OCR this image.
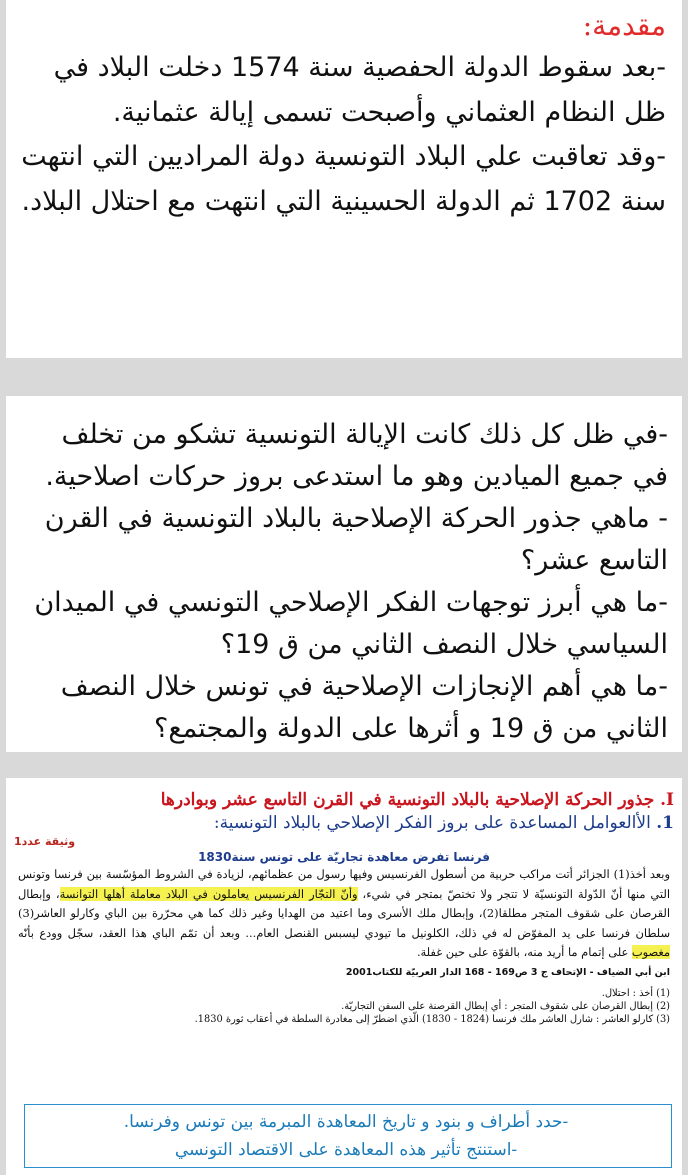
مقدمة:

-بعد سقوط الدولة الحفصية سنة 1574 دخلت البلاد في ظل النظام العثماني وأصبحت تسمى إيالة عثمانية.

-وقد تعاقبت علي البلاد التونسية دولة المراديين التي انتهت سنة 1702 ثم الدولة الحسينية التي انتهت مع احتلال البلاد.

-في ظل كل ذلك كانت الإيالة التونسية تشكو من تخلف في جميع الميادين وهو ما استدعى بروز حركات اصلاحية.

- ماهي جذور الحركة الإصلاحية بالبلاد التونسية في القرن التاسع عشر؟

-ما هي أبرز توجهات الفكر الإصلاحي التونسي في الميدان السياسي خلال النصف الثاني من ق 19؟

-ما هي أهم الإنجازات الإصلاحية في تونس خلال النصف الثاني من ق 19 و أثرها على الدولة والمجتمع؟

I. جذور الحركة الإصلاحية بالبلاد التونسية في القرن التاسع عشر وبوادرها
1. الأالعوامل المساعدة على بروز الفكر الإصلاحي بالبلاد التونسية:
وثيقة عدد1
فرنسا تفرض معاهدة تجاريّة على تونس سنة1830

وبعد أخذ(1) الجزائر أتت مراكب حربية من أسطول الفرنسيس وفيها رسول من عظمائهم، لزيادة في الشروط المؤسّسة بين فرنسا وتونس التي منها أنّ الدّولة التونسيّة لا تتجر ولا تختصّ بمتجر في شيء، وأنّ التجّار الفرنسيس يعاملون في البلاد معاملة أهلها التوانسة، وإبطال القرصان على شقوف المتجر مطلقا(2)، وإبطال ملك الأسرى وما اعتيد من الهدايا وغير ذلك كما هي محرّرة بين الباي وكارلو العاشر(3) سلطان فرنسا على يد المفوّض له في ذلك، الكلونيل ما تيودي ليسبس القنصل العام... وبعد أن تمّم الباي هذا العقد، سجّل وودع بأنّه مغصوب على إتمام ما أريد منه، بالقوّة على حين غفلة.

ابن أبي الضياف - الإتحاف ج 3 ص169 - 168 الدار العربيّة للكتاب2001
(1) أخذ : احتلال.
(2) إبطال القرصان على شقوف المتجر : أي إبطال القرصنة على السفن التجاريّة.
(3) كارلو العاشر : شارل العاشر ملك فرنسا (1824 - 1830) الّذي اضطرّ إلى مغادرة السلطة في أعقاب ثورة 1830.
-حدد أطراف و بنود و تاريخ المعاهدة المبرمة بين تونس وفرنسا.
-استنتج تأثير هذه المعاهدة على الاقتصاد التونسي
